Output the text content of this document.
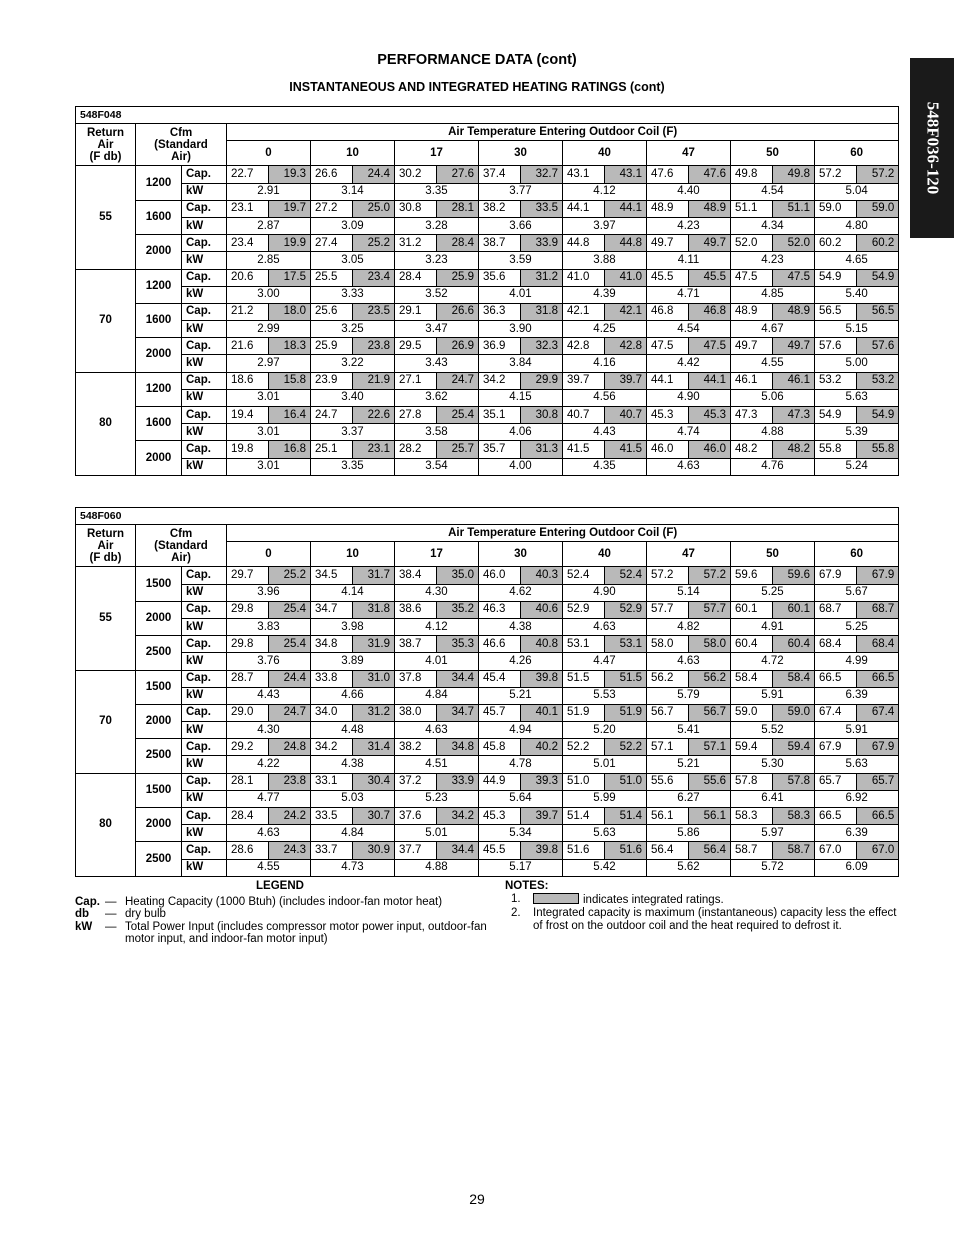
PERFORMANCE DATA (cont)
INSTANTANEOUS AND INTEGRATED HEATING RATINGS (cont)
548F036-120
548F048																		
Return
Air
(F db)	Cfm
(Standard
Air)		Air Temperature Entering Outdoor Coil (F)															
			0		10		17		30		40		47		50		60	
55	1200	Cap.	22.7	19.3	26.6	24.4	30.2	27.6	37.4	32.7	43.1	43.1	47.6	47.6	49.8	49.8	57.2	57.2
		kW	2.91		3.14		3.35		3.77		4.12		4.40		4.54		5.04	
	1600	Cap.	23.1	19.7	27.2	25.0	30.8	28.1	38.2	33.5	44.1	44.1	48.9	48.9	51.1	51.1	59.0	59.0
		kW	2.87		3.09		3.28		3.66		3.97		4.23		4.34		4.80	
	2000	Cap.	23.4	19.9	27.4	25.2	31.2	28.4	38.7	33.9	44.8	44.8	49.7	49.7	52.0	52.0	60.2	60.2
		kW	2.85		3.05		3.23		3.59		3.88		4.11		4.23		4.65	
70	1200	Cap.	20.6	17.5	25.5	23.4	28.4	25.9	35.6	31.2	41.0	41.0	45.5	45.5	47.5	47.5	54.9	54.9
		kW	3.00		3.33		3.52		4.01		4.39		4.71		4.85		5.40	
	1600	Cap.	21.2	18.0	25.6	23.5	29.1	26.6	36.3	31.8	42.1	42.1	46.8	46.8	48.9	48.9	56.5	56.5
		kW	2.99		3.25		3.47		3.90		4.25		4.54		4.67		5.15	
	2000	Cap.	21.6	18.3	25.9	23.8	29.5	26.9	36.9	32.3	42.8	42.8	47.5	47.5	49.7	49.7	57.6	57.6
		kW	2.97		3.22		3.43		3.84		4.16		4.42		4.55		5.00	
80	1200	Cap.	18.6	15.8	23.9	21.9	27.1	24.7	34.2	29.9	39.7	39.7	44.1	44.1	46.1	46.1	53.2	53.2
		kW	3.01		3.40		3.62		4.15		4.56		4.90		5.06		5.63	
	1600	Cap.	19.4	16.4	24.7	22.6	27.8	25.4	35.1	30.8	40.7	40.7	45.3	45.3	47.3	47.3	54.9	54.9
		kW	3.01		3.37		3.58		4.06		4.43		4.74		4.88		5.39	
	2000	Cap.	19.8	16.8	25.1	23.1	28.2	25.7	35.7	31.3	41.5	41.5	46.0	46.0	48.2	48.2	55.8	55.8
		kW	3.01		3.35		3.54		4.00		4.35		4.63		4.76		5.24	
548F060																		
Return
Air
(F db)	Cfm
(Standard
Air)		Air Temperature Entering Outdoor Coil (F)															
			0		10		17		30		40		47		50		60	
55	1500	Cap.	29.7	25.2	34.5	31.7	38.4	35.0	46.0	40.3	52.4	52.4	57.2	57.2	59.6	59.6	67.9	67.9
		kW	3.96		4.14		4.30		4.62		4.90		5.14		5.25		5.67	
	2000	Cap.	29.8	25.4	34.7	31.8	38.6	35.2	46.3	40.6	52.9	52.9	57.7	57.7	60.1	60.1	68.7	68.7
		kW	3.83		3.98		4.12		4.38		4.63		4.82		4.91		5.25	
	2500	Cap.	29.8	25.4	34.8	31.9	38.7	35.3	46.6	40.8	53.1	53.1	58.0	58.0	60.4	60.4	68.4	68.4
		kW	3.76		3.89		4.01		4.26		4.47		4.63		4.72		4.99	
70	1500	Cap.	28.7	24.4	33.8	31.0	37.8	34.4	45.4	39.8	51.5	51.5	56.2	56.2	58.4	58.4	66.5	66.5
		kW	4.43		4.66		4.84		5.21		5.53		5.79		5.91		6.39	
	2000	Cap.	29.0	24.7	34.0	31.2	38.0	34.7	45.7	40.1	51.9	51.9	56.7	56.7	59.0	59.0	67.4	67.4
		kW	4.30		4.48		4.63		4.94		5.20		5.41		5.52		5.91	
	2500	Cap.	29.2	24.8	34.2	31.4	38.2	34.8	45.8	40.2	52.2	52.2	57.1	57.1	59.4	59.4	67.9	67.9
		kW	4.22		4.38		4.51		4.78		5.01		5.21		5.30		5.63	
80	1500	Cap.	28.1	23.8	33.1	30.4	37.2	33.9	44.9	39.3	51.0	51.0	55.6	55.6	57.8	57.8	65.7	65.7
		kW	4.77		5.03		5.23		5.64		5.99		6.27		6.41		6.92	
	2000	Cap.	28.4	24.2	33.5	30.7	37.6	34.2	45.3	39.7	51.4	51.4	56.1	56.1	58.3	58.3	66.5	66.5
		kW	4.63		4.84		5.01		5.34		5.63		5.86		5.97		6.39	
	2500	Cap.	28.6	24.3	33.7	30.9	37.7	34.4	45.5	39.8	51.6	51.6	56.4	56.4	58.7	58.7	67.0	67.0
		kW	4.55		4.73		4.88		5.17		5.42		5.62		5.72		6.09	
LEGEND
Cap. — Heating Capacity (1000 Btuh) (includes indoor-fan motor heat)
db	— dry bulb
kW	— Total Power Input (includes compressor motor power input, outdoor-fan motor input, and indoor-fan motor input)
NOTES:
1.	indicates integrated ratings.
2.	Integrated capacity is maximum (instantaneous) capacity less the effect of frost on the outdoor coil and the heat required to defrost it.
29
